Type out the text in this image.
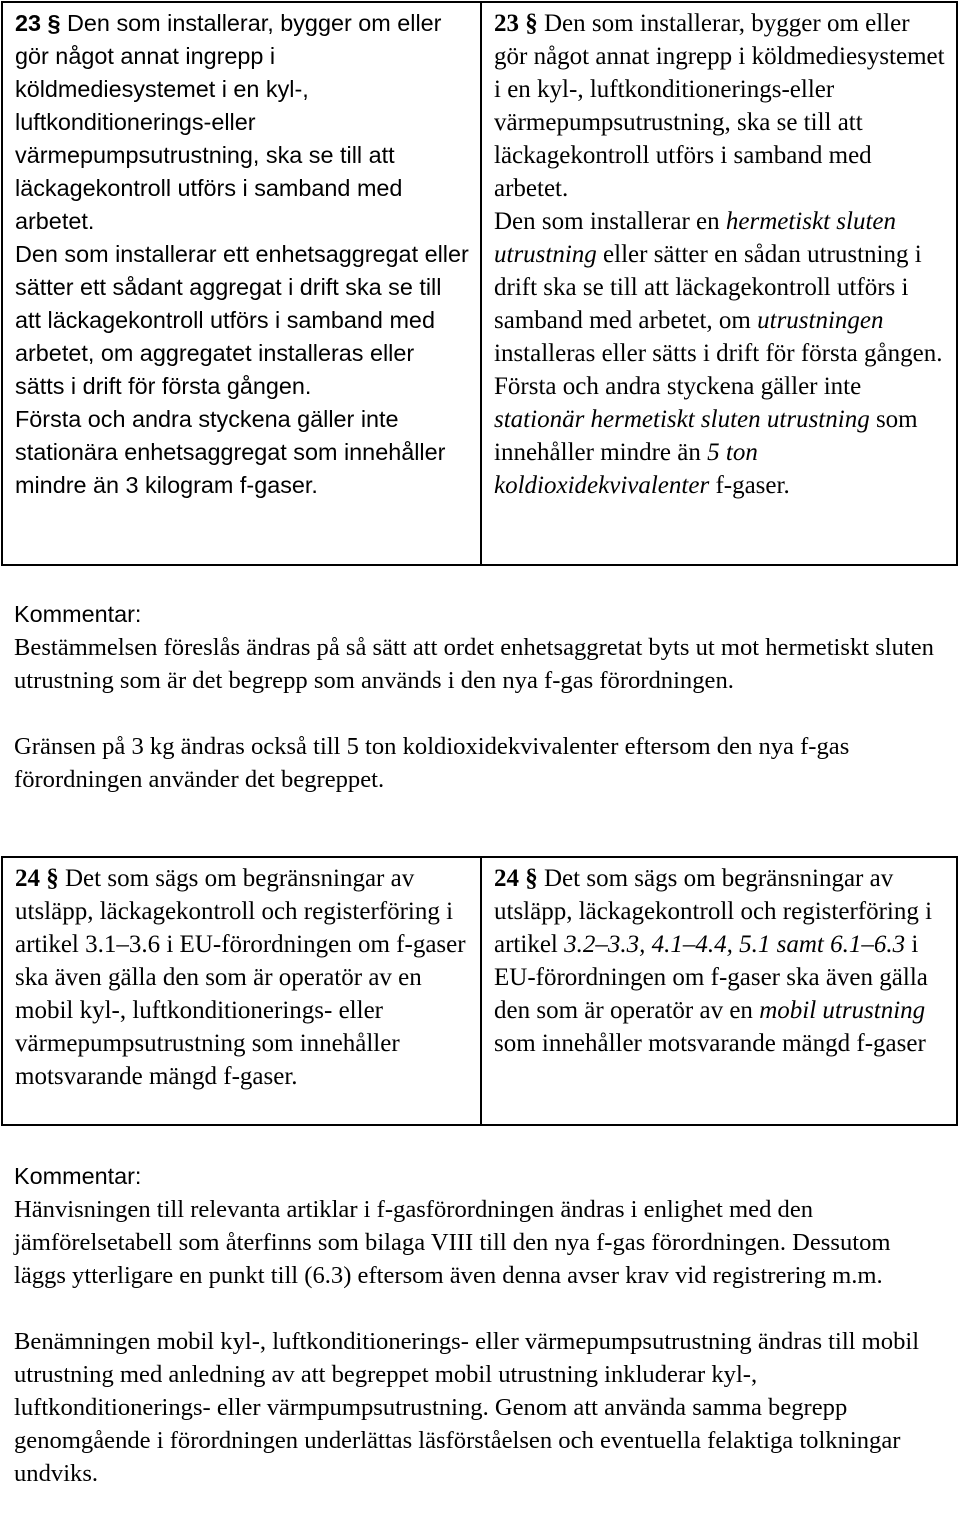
23 § Den som installerar, bygger om eller gör något annat ingrepp i köldmediesystemet i en kyl-, luftkonditionerings-eller värmepumpsutrustning, ska se till att läckagekontroll utförs i samband med arbetet.
Den som installerar ett enhetsaggregat eller sätter ett sådant aggregat i drift ska se till att läckagekontroll utförs i samband med arbetet, om aggregatet installeras eller sätts i drift för första gången.
Första och andra styckena gäller inte stationära enhetsaggregat som innehåller mindre än 3 kilogram f-gaser.

23 § Den som installerar, bygger om eller gör något annat ingrepp i köldmediesystemet i en kyl-, luftkonditionerings-eller värmepumpsutrustning, ska se till att läckagekontroll utförs i samband med arbetet.
Den som installerar en hermetiskt sluten utrustning eller sätter en sådan utrustning i drift ska se till att läckagekontroll utförs i samband med arbetet, om utrustningen installeras eller sätts i drift för första gången.
Första och andra styckena gäller inte stationär hermetiskt sluten utrustning som innehåller mindre än 5 ton koldioxidekvivalenter f-gaser.
Kommentar:

Bestämmelsen föreslås ändras på så sätt att ordet enhetsaggretat byts ut mot hermetiskt sluten utrustning som är det begrepp som används i den nya f-gas förordningen.

Gränsen på 3 kg ändras också till 5 ton koldioxidekvivalenter eftersom den nya f-gas förordningen använder det begreppet.

24 § Det som sägs om begränsningar av utsläpp, läckagekontroll och registerföring i artikel 3.1–3.6 i EU-förordningen om f-gaser ska även gälla den som är operatör av en mobil kyl-, luftkonditionerings- eller värmepumpsutrustning som innehåller motsvarande mängd f-gaser.

24 § Det som sägs om begränsningar av utsläpp, läckagekontroll och registerföring i artikel 3.2–3.3, 4.1–4.4, 5.1 samt 6.1–6.3 i EU-förordningen om f-gaser ska även gälla den som är operatör av en mobil utrustning som innehåller motsvarande mängd f-gaser
Kommentar:

Hänvisningen till relevanta artiklar i f-gasförordningen ändras i enlighet med den jämförelsetabell som återfinns som bilaga VIII till den nya f-gas förordningen. Dessutom läggs ytterligare en punkt till (6.3) eftersom även denna avser krav vid registrering m.m.

Benämningen mobil kyl-, luftkonditionerings- eller värmepumpsutrustning ändras till mobil utrustning med anledning av att begreppet mobil utrustning inkluderar kyl-, luftkonditionerings- eller värmpumpsutrustning. Genom att använda samma begrepp genomgående i förordningen underlättas läsförståelsen och eventuella felaktiga tolkningar undviks.
